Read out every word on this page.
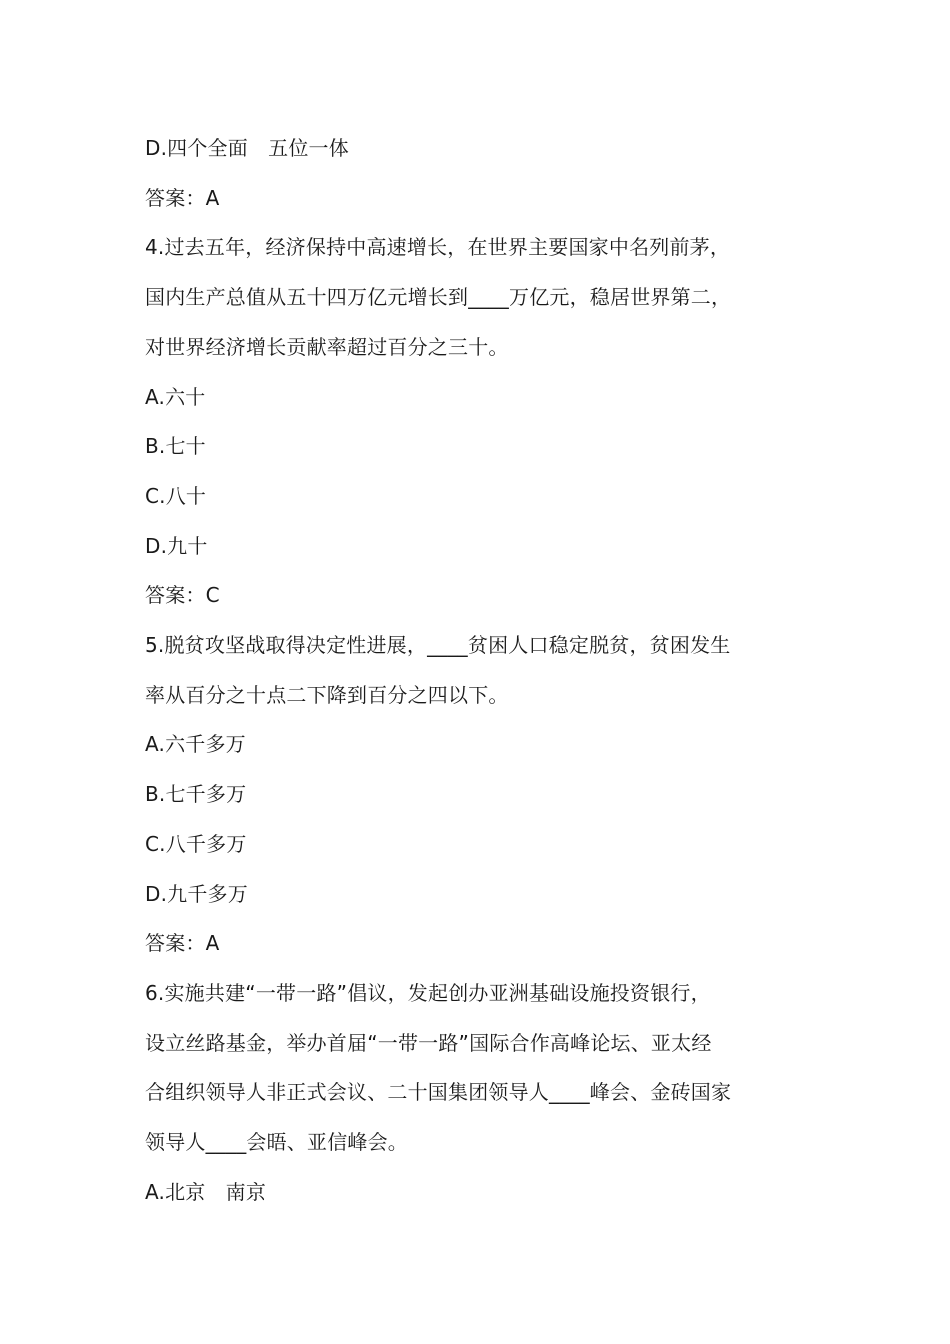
D.四个全面　五位一体
答案：A
4.过去五年，经济保持中高速增长，在世界主要国家中名列前茅，
国内生产总值从五十四万亿元增长到____万亿元，稳居世界第二，
对世界经济增长贡献率超过百分之三十。
A.六十
B.七十
C.八十
D.九十
答案：C
5.脱贫攻坚战取得决定性进展，____贫困人口稳定脱贫，贫困发生
率从百分之十点二下降到百分之四以下。
A.六千多万
B.七千多万
C.八千多万
D.九千多万
答案：A
6.实施共建“一带一路”倡议，发起创办亚洲基础设施投资银行，
设立丝路基金，举办首届“一带一路”国际合作高峰论坛、亚太经
合组织领导人非正式会议、二十国集团领导人____峰会、金砖国家
领导人____会晤、亚信峰会。
A.北京　南京
